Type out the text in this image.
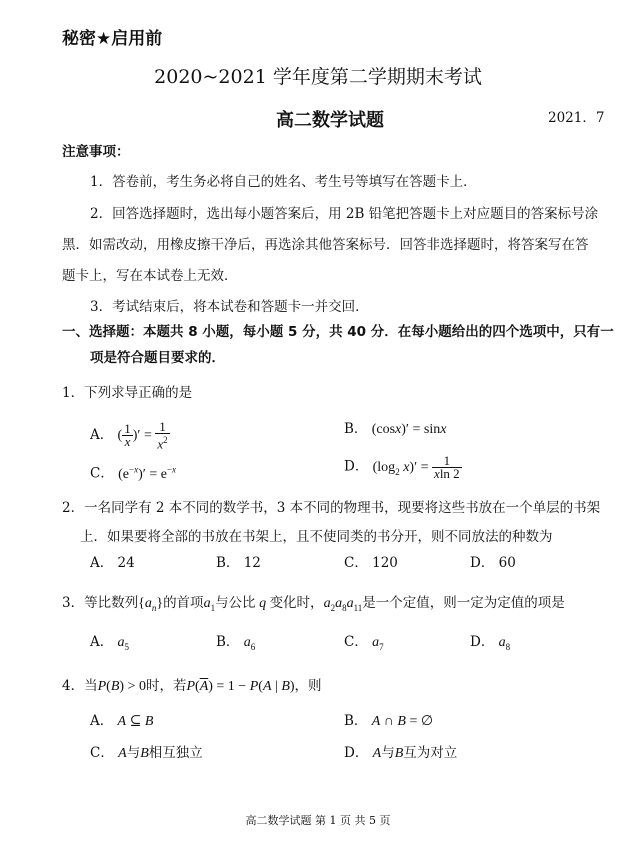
秘密★启用前
2020~2021 学年度第二学期期末考试
高二数学试题	2021．7
注意事项：
1．答卷前，考生务必将自己的姓名、考生号等填写在答题卡上．
2．回答选择题时，选出每小题答案后，用 2B 铅笔把答题卡上对应题目的答案标号涂
黑．如需改动，用橡皮擦干净后，再选涂其他答案标号．回答非选择题时，将答案写在答
题卡上，写在本试卷上无效．
3．考试结束后，将本试卷和答题卡一并交回．
一、选择题：本题共 8 小题，每小题 5 分，共 40 分．在每小题给出的四个选项中，只有一
项是符合题目要求的．
1．下列求导正确的是
A． ( $\frac{1}{x}$ )′ = $\frac{1}{x^2}$	B． (cosx)′ = sinx
C． $(e^{-x})' = e^{-x}$	D． ($\log_2$ $x)' = \frac{1}{xln 2}$
2．一名同学有 2 本不同的数学书，3 本不同的物理书，现要将这些书放在一个单层的书架
上．如果要将全部的书放在书架上，且不使同类的书分开，则不同放法的种数为
A． 24	B． 12	C． 120	D． 60
3．等比数列$\{a_n\}$的首项$a_1$与公比 q 变化时，$a_2a_8a_{11}$是一个定值，则一定为定值的项是
A． $a_5$	B． $a_6$	C． $a_7$	D． $a_8$
4．当P(B) > 0时，若$P(\overline{A}) = 1 - P(A$ | B)，则
A． A ⊆ B	B． A ∩ B = ∅
C． A与B相互独立	D． A与B互为对立
高二数学试题 第 1 页 共 5 页
